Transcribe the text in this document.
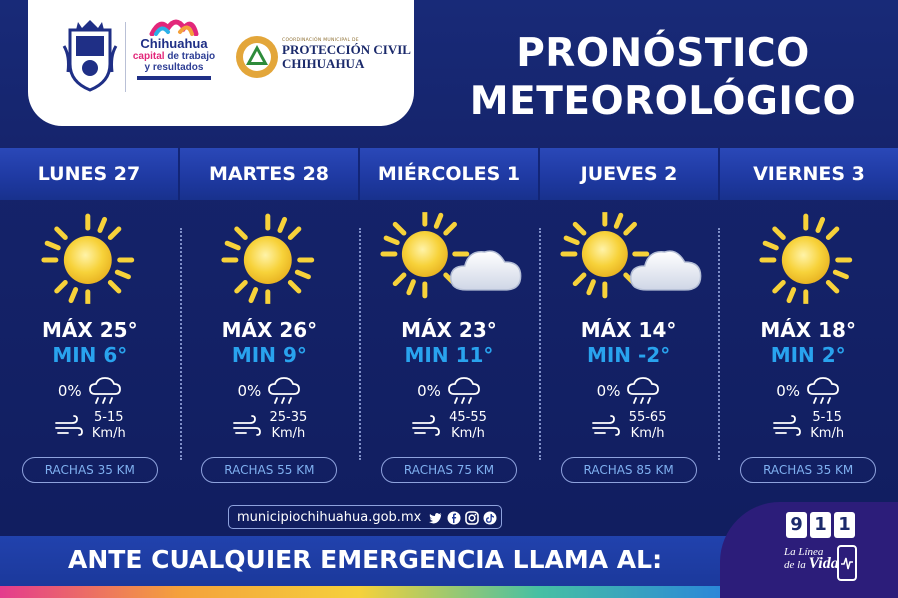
Chihuahua
capital de trabajo
y resultados
COORDINACIÓN MUNICIPAL DE
PROTECCIÓN CIVIL
CHIHUAHUA	PRONÓSTICO
METEOROLÓGICO
LUNES 27	MARTES 28	MIÉRCOLES 1	JUEVES 2	VIERNES 3
MÁX 25°
MIN 6°
0%
5-15
Km/h
RACHAS 35 KM
MÁX 26°
MIN 9°
0%
25-35
Km/h
RACHAS 55 KM
MÁX 23°
MIN 11°
0%
45-55
Km/h
RACHAS 75 KM
MÁX 14°
MIN -2°
0%
55-65
Km/h
RACHAS 85 KM
MÁX 18°
MIN 2°
0%
5-15
Km/h
RACHAS 35 KM
municipiochihuahua.gob.mx
ANTE CUALQUIER EMERGENCIA LLAMA AL:
9 1 1
La Línea
de la Vida
